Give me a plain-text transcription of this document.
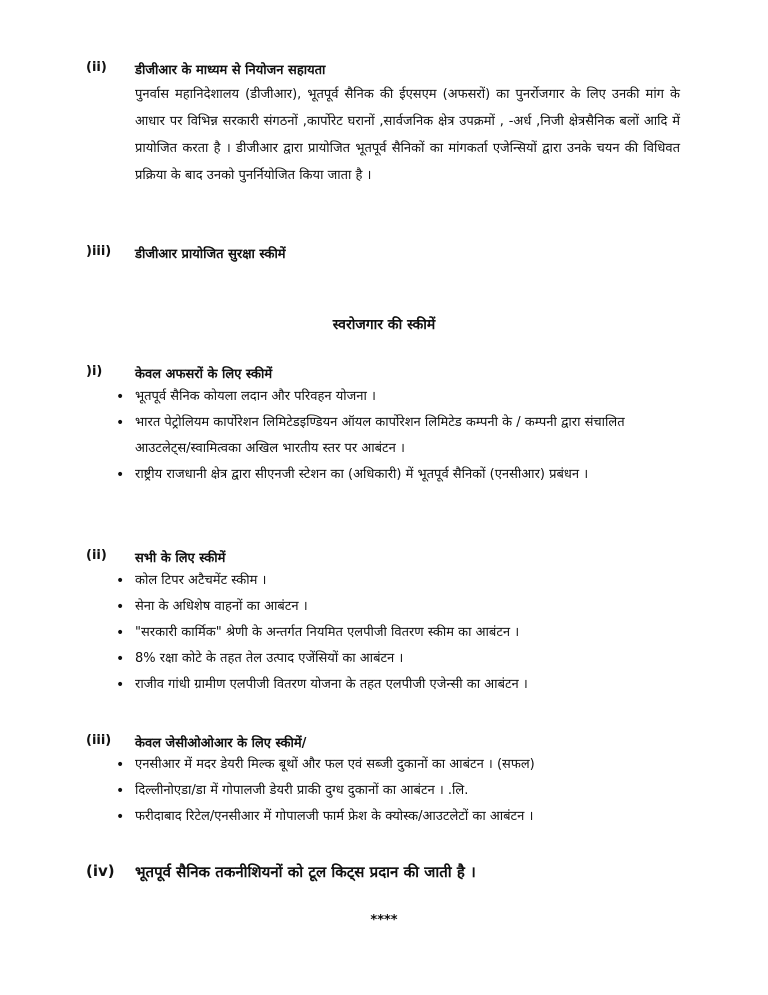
(ii) डीजीआर के माध्यम से नियोजन सहायता
पुनर्वास महानिदेशालय (डीजीआर), भूतपूर्व सैनिक की ईएसएम (अफसरों) का पुनर्रोजगार के लिए उनकी मांग के आधार पर विभिन्न सरकारी संगठनों ,कार्पोरेट घरानों ,सार्वजनिक क्षेत्र उपक्रमों , -अर्ध ,निजी क्षेत्रसैनिक बलों आदि में प्रायोजित करता है । डीजीआर द्वारा प्रायोजित भूतपूर्व सैनिकों का मांगकर्ता एजेन्सियों द्वारा उनके चयन की विधिवत प्रक्रिया के बाद उनको पुनर्नियोजित किया जाता है ।
)iii) डीजीआर प्रायोजित सुरक्षा स्कीमें
स्वरोजगार की स्कीमें
)i)	केवल अफसरों के लिए स्कीमें
• भूतपूर्व सैनिक कोयला लदान और परिवहन योजना ।
• भारत पेट्रोलियम कार्पोरेशन लिमिटेडइण्डियन ऑयल कार्पोरेशन लिमिटेड कम्पनी के / कम्पनी द्वारा संचालित आउटलेट्स/स्वामित्वका अखिल भारतीय स्तर पर आबंटन ।
• राष्ट्रीय राजधानी क्षेत्र द्वारा सीएनजी स्टेशन का (अधिकारी) में भूतपूर्व सैनिकों (एनसीआर) प्रबंधन ।
(ii) सभी के लिए स्कीमें
• कोल टिपर अटैचमेंट स्कीम ।
• सेना के अधिशेष वाहनों का आबंटन ।
• "सरकारी कार्मिक" श्रेणी के अन्तर्गत नियमित एलपीजी वितरण स्कीम का आबंटन ।
• 8% रक्षा कोटे के तहत तेल उत्पाद एजेंसियों का आबंटन ।
• राजीव गांधी ग्रामीण एलपीजी वितरण योजना के तहत एलपीजी एजेन्सी का आबंटन ।
(iii) केवल जेसीओओआर के लिए स्कीमें/
• एनसीआर में मदर डेयरी मिल्क बूथों और फल एवं सब्जी दुकानों का आबंटन । (सफल)
• दिल्लीनोएडा/डा में गोपालजी डेयरी प्राकी दुग्ध दुकानों का आबंटन । .लि.
• फरीदाबाद रिटेल/एनसीआर में गोपालजी फार्म फ्रेश के क्योस्क/आउटलेटों का आबंटन ।
(iv) भूतपूर्व सैनिक तकनीशियनों को टूल किट्स प्रदान की जाती है ।
****
